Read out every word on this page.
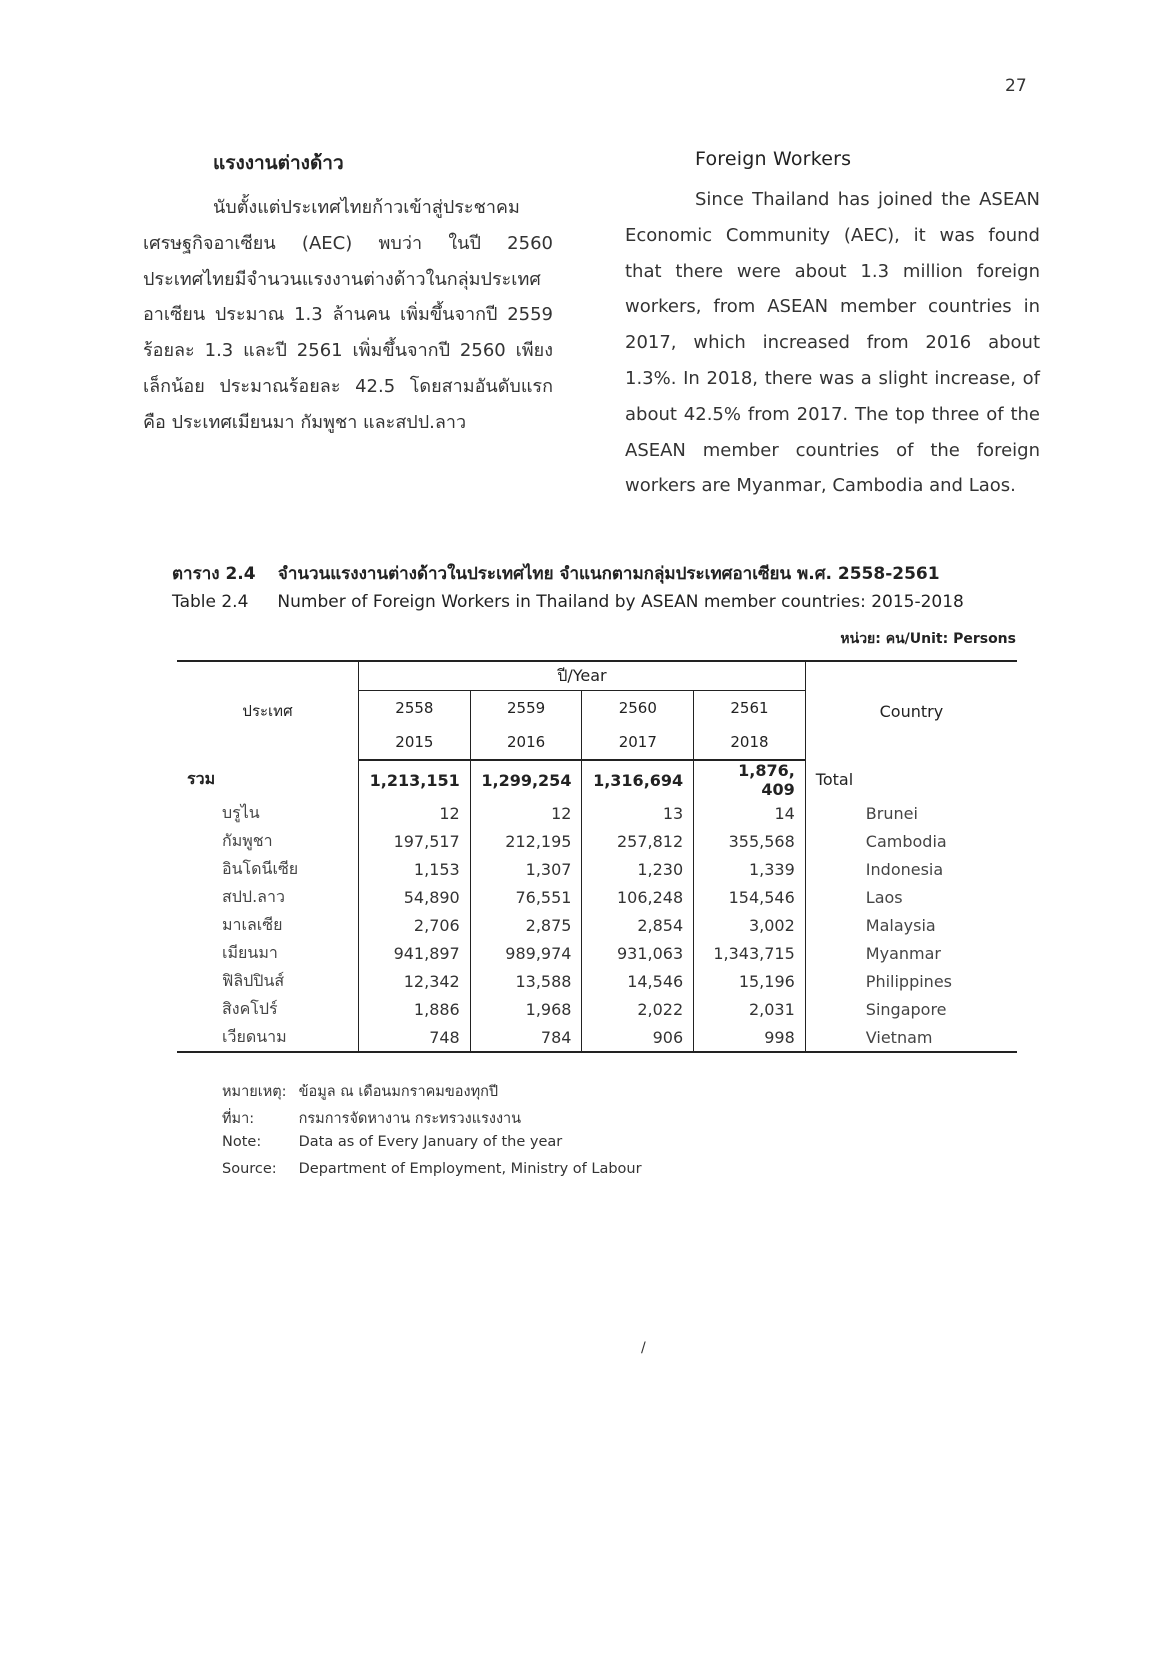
27
แรงงานต่างด้าว

นับตั้งแต่ประเทศไทยก้าวเข้าสู่ประชาคมเศรษฐกิจอาเซียน (AEC) พบว่า ในปี 2560 ประเทศไทยมีจำนวนแรงงานต่างด้าวในกลุ่มประเทศอาเซียน ประมาณ 1.3 ล้านคน เพิ่มขึ้นจากปี 2559 ร้อยละ 1.3 และปี 2561 เพิ่มขึ้นจากปี 2560 เพียงเล็กน้อย ประมาณร้อยละ 42.5 โดยสามอันดับแรก คือ ประเทศเมียนมา กัมพูชา และสปป.ลาว

Foreign Workers

Since Thailand has joined the ASEAN Economic Community (AEC), it was found that there were about 1.3 million foreign workers, from ASEAN member countries in 2017, which increased from 2016 about 1.3%. In 2018, there was a slight increase, of about 42.5% from 2017. The top three of the ASEAN member countries of the foreign workers are Myanmar, Cambodia and Laos.

ตาราง 2.4 จำนวนแรงงานต่างด้าวในประเทศไทย จำแนกตามกลุ่มประเทศอาเซียน พ.ศ. 2558-2561
Table 2.4 Number of Foreign Workers in Thailand by ASEAN member countries: 2015-2018
หน่วย: คน/Unit: Persons
ประเทศ	ปี/Year				Country
	2558	2559	2560	2561	
	2015	2016	2017	2018	
รวม	1,213,151	1,299,254	1,316,694	1,876, 409	Total
บรูไน	12	12	13	14	Brunei
กัมพูชา	197,517	212,195	257,812	355,568	Cambodia
อินโดนีเซีย	1,153	1,307	1,230	1,339	Indonesia
สปป.ลาว	54,890	76,551	106,248	154,546	Laos
มาเลเซีย	2,706	2,875	2,854	3,002	Malaysia
เมียนมา	941,897	989,974	931,063	1,343,715	Myanmar
ฟิลิปปินส์	12,342	13,588	14,546	15,196	Philippines
สิงคโปร์	1,886	1,968	2,022	2,031	Singapore
เวียดนาม	748	784	906	998	Vietnam
หมายเหตุ: ข้อมูล ณ เดือนมกราคมของทุกปี
ที่มา:	กรมการจัดหางาน กระทรวงแรงงาน
Note:	Data as of Every January of the year
Source: Department of Employment, Ministry of Labour
/
